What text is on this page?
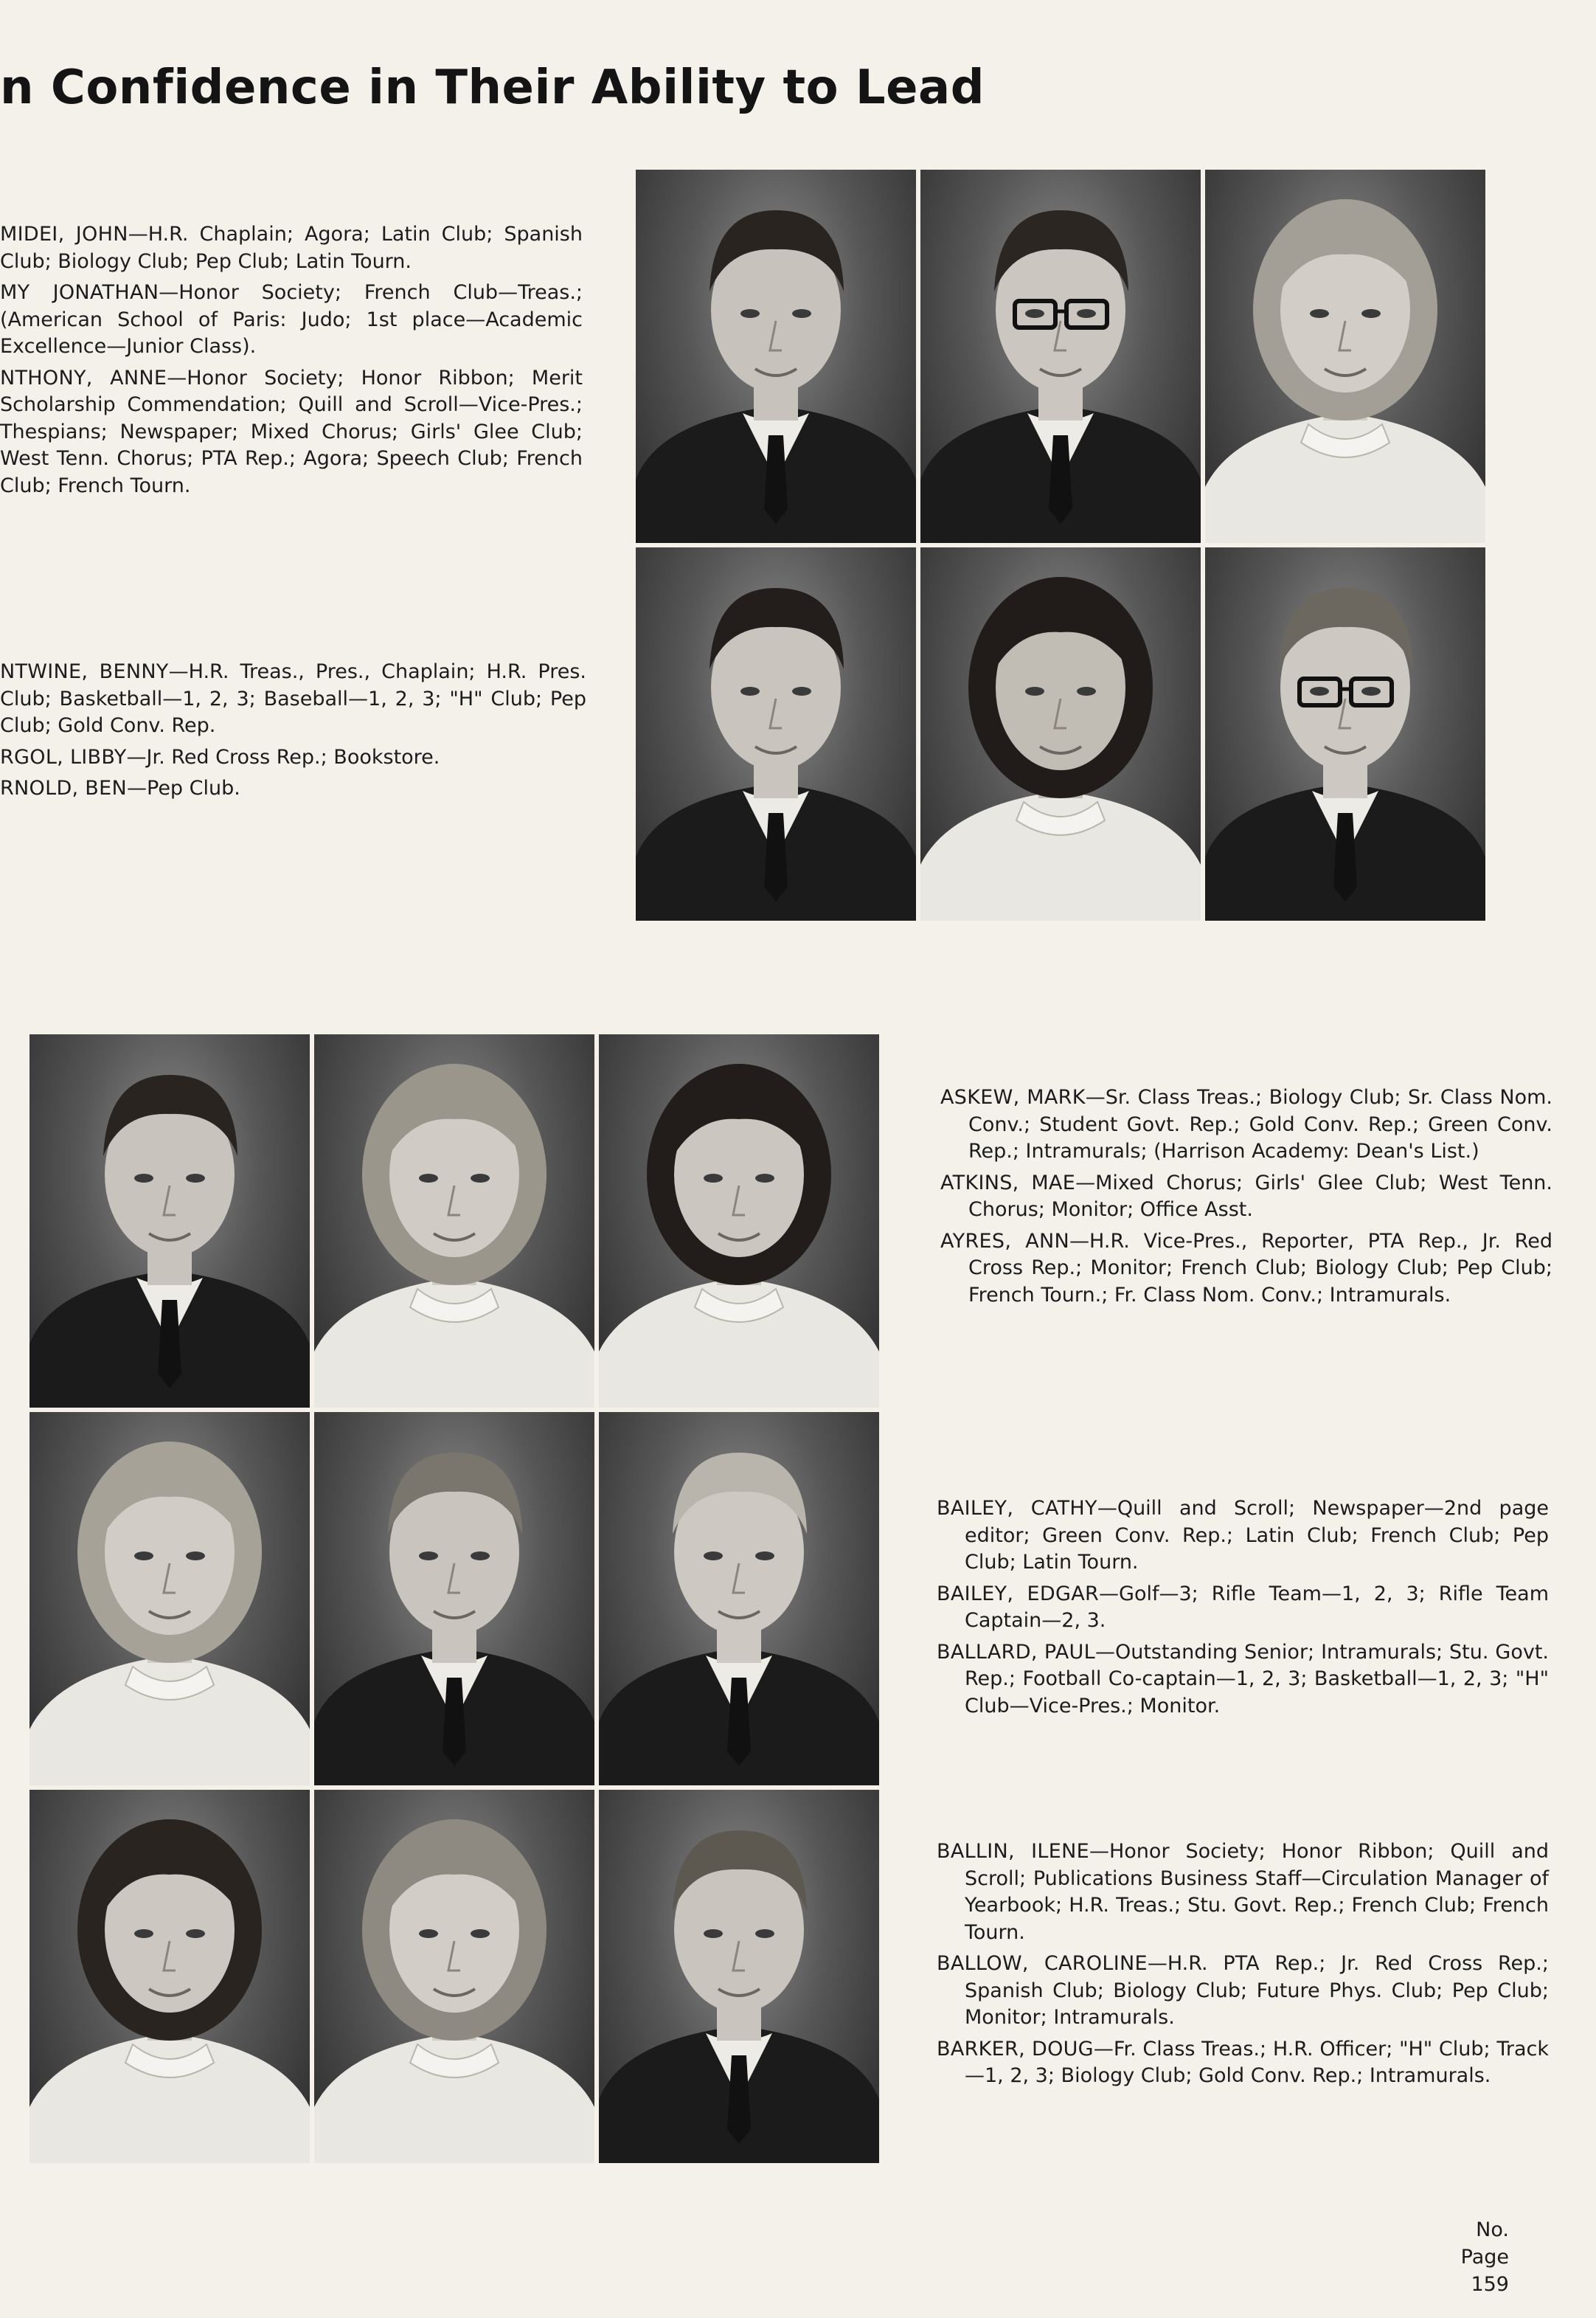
n Confidence in Their Ability to Lead

MIDEI, JOHN—H.R. Chaplain; Agora; Latin Club; Spanish Club; Biology Club; Pep Club; Latin Tourn.

MY JONATHAN—Honor Society; French Club—Treas.; (American School of Paris: Judo; 1st place—Academic Excellence—Junior Class).

NTHONY, ANNE—Honor Society; Honor Ribbon; Merit Scholarship Commendation; Quill and Scroll—Vice-Pres.; Thespians; Newspaper; Mixed Chorus; Girls' Glee Club; West Tenn. Chorus; PTA Rep.; Agora; Speech Club; French Club; French Tourn.

NTWINE, BENNY—H.R. Treas., Pres., Chaplain; H.R. Pres. Club; Basketball—1, 2, 3; Baseball—1, 2, 3; "H" Club; Pep Club; Gold Conv. Rep.

RGOL, LIBBY—Jr. Red Cross Rep.; Bookstore.

RNOLD, BEN—Pep Club.

ASKEW, MARK—Sr. Class Treas.; Biology Club; Sr. Class Nom. Conv.; Student Govt. Rep.; Gold Conv. Rep.; Green Conv. Rep.; Intramurals; (Harrison Academy: Dean's List.)

ATKINS, MAE—Mixed Chorus; Girls' Glee Club; West Tenn. Chorus; Monitor; Office Asst.

AYRES, ANN—H.R. Vice-Pres., Reporter, PTA Rep., Jr. Red Cross Rep.; Monitor; French Club; Biology Club; Pep Club; French Tourn.; Fr. Class Nom. Conv.; Intramurals.

BAILEY, CATHY—Quill and Scroll; Newspaper—2nd page editor; Green Conv. Rep.; Latin Club; French Club; Pep Club; Latin Tourn.

BAILEY, EDGAR—Golf—3; Rifle Team—1, 2, 3; Rifle Team Captain—2, 3.

BALLARD, PAUL—Outstanding Senior; Intramurals; Stu. Govt. Rep.; Football Co-captain—1, 2, 3; Basketball—1, 2, 3; "H" Club—Vice-Pres.; Monitor.

BALLIN, ILENE—Honor Society; Honor Ribbon; Quill and Scroll; Publications Business Staff—Circulation Manager of Yearbook; H.R. Treas.; Stu. Govt. Rep.; French Club; French Tourn.

BALLOW, CAROLINE—H.R. PTA Rep.; Jr. Red Cross Rep.; Spanish Club; Biology Club; Future Phys. Club; Pep Club; Monitor; Intramurals.

BARKER, DOUG—Fr. Class Treas.; H.R. Officer; "H" Club; Track—1, 2, 3; Biology Club; Gold Conv. Rep.; Intramurals.

No.
Page
159
